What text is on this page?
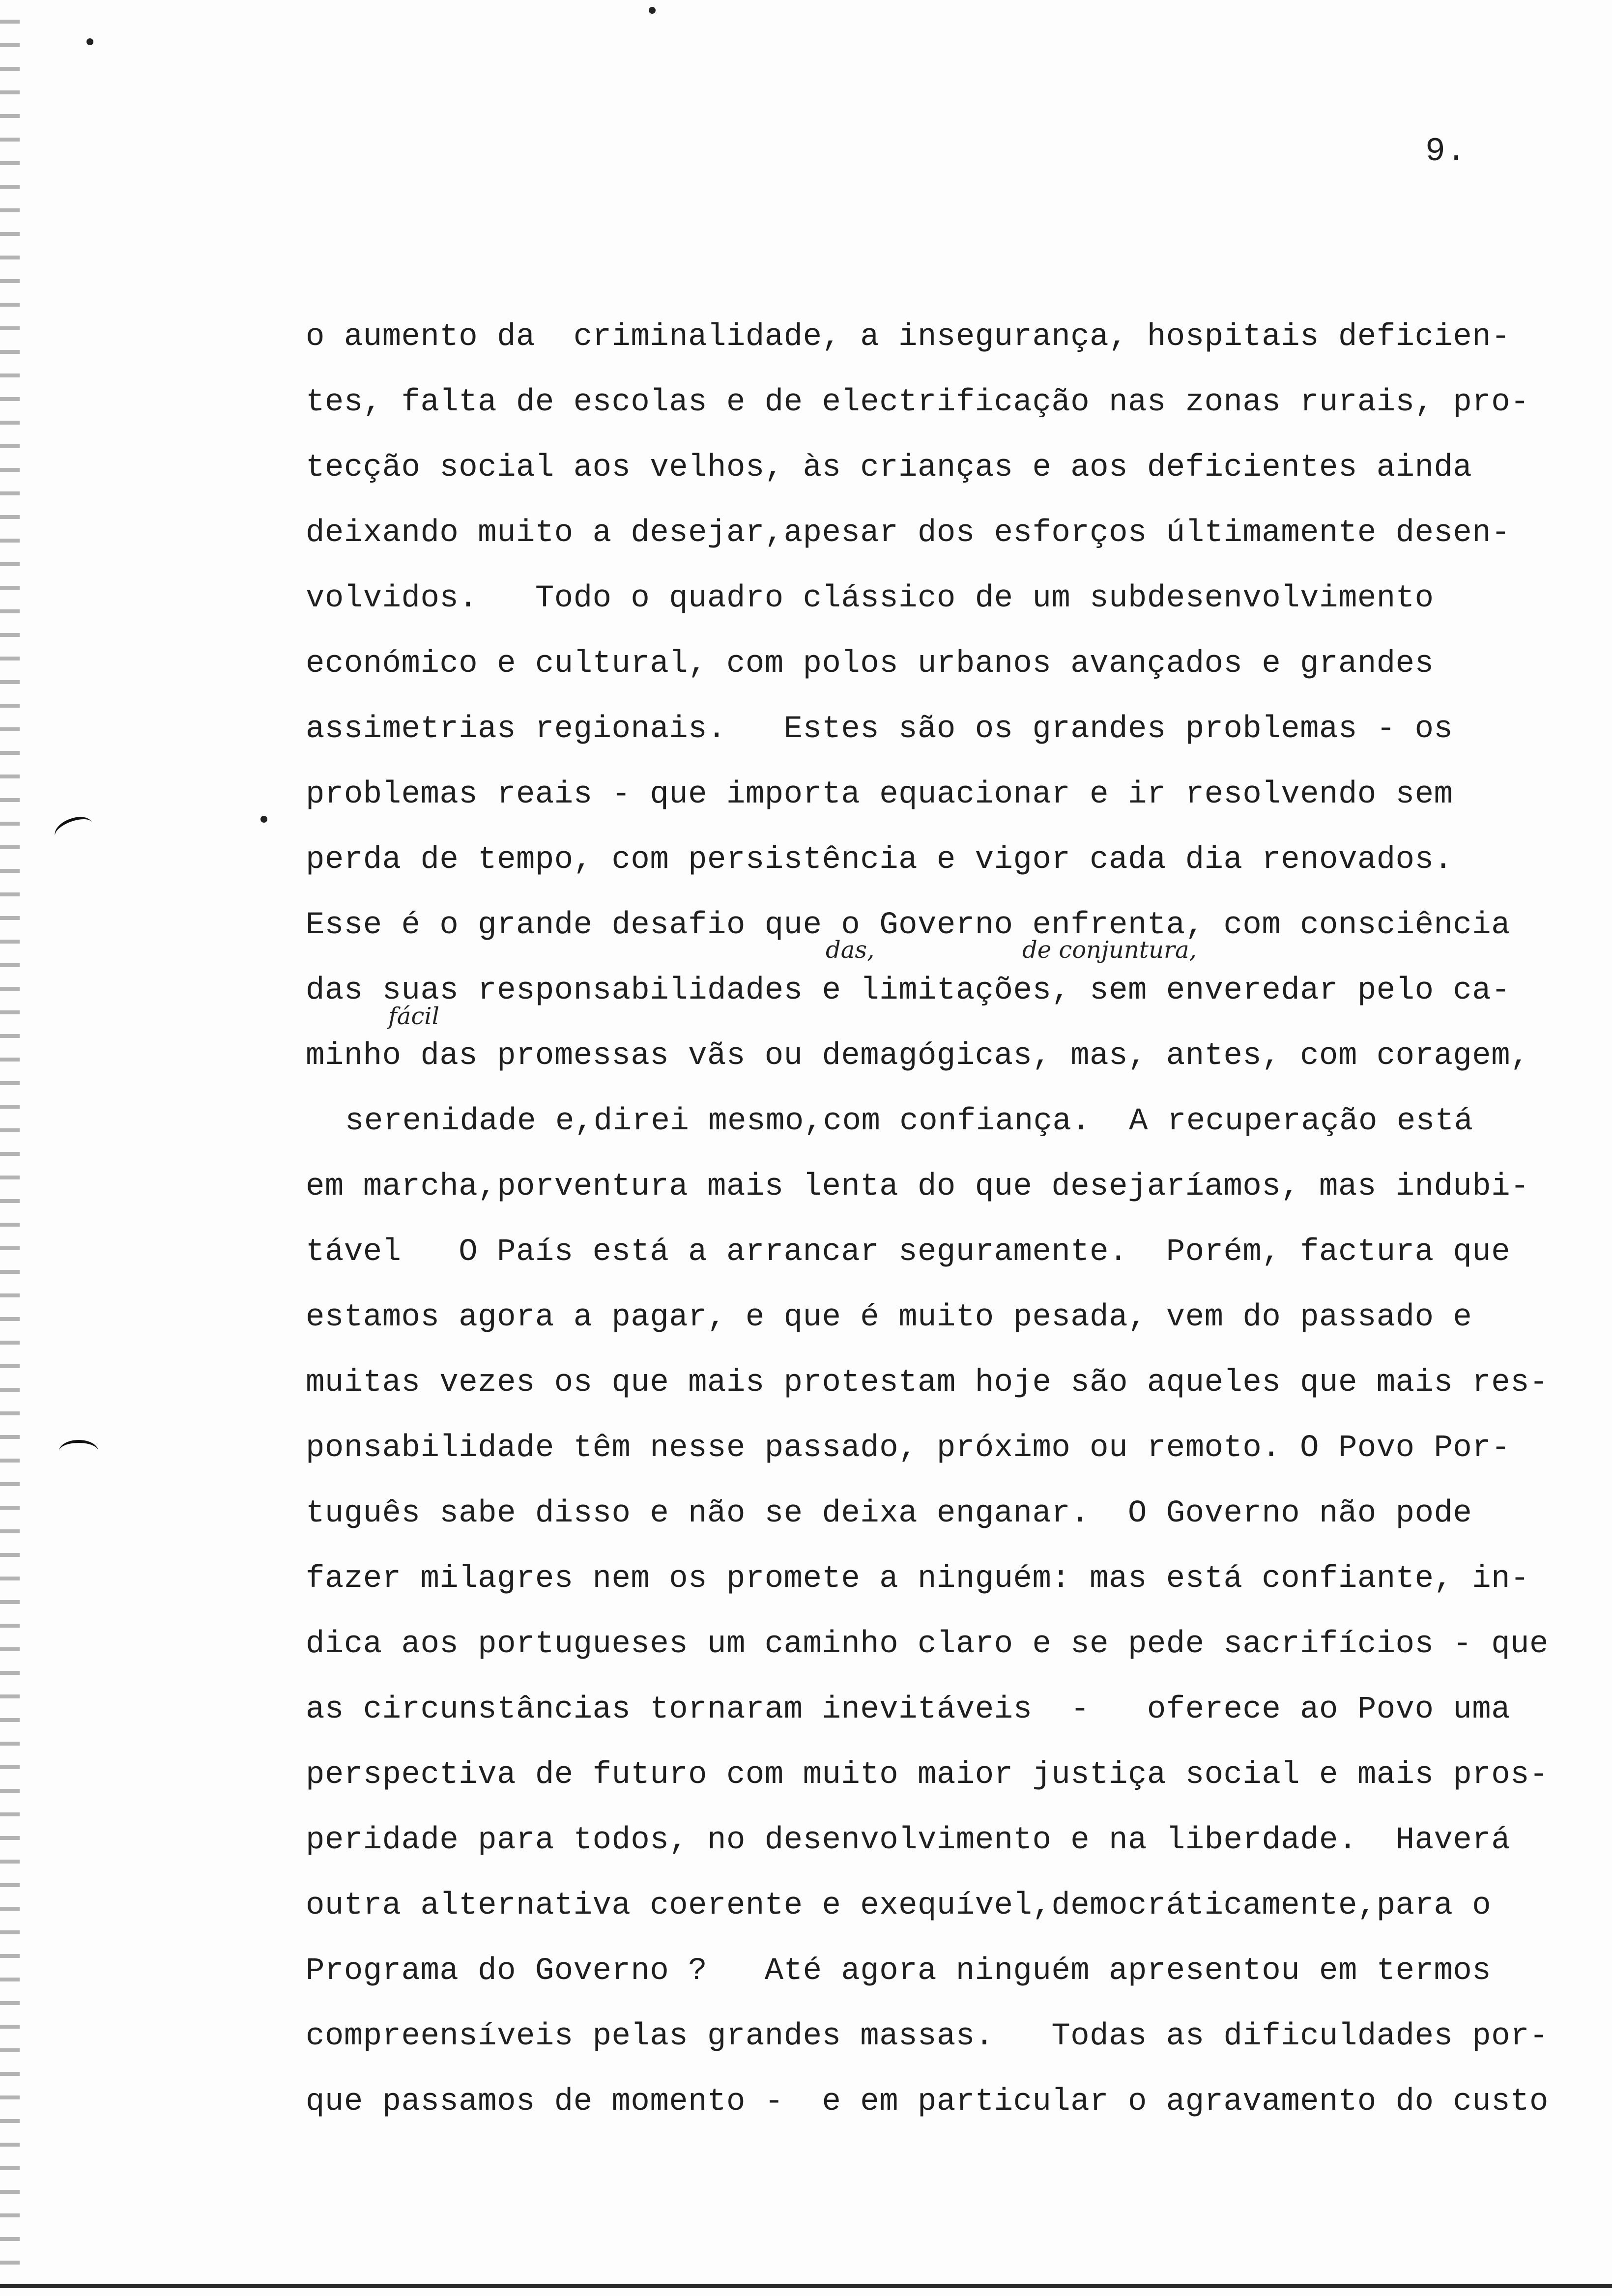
9.
o aumento da  criminalidade, a insegurança, hospitais deficien-
tes, falta de escolas e de electrificação nas zonas rurais, pro-
tecção social aos velhos, às crianças e aos deficientes ainda
deixando muito a desejar,apesar dos esforços últimamente desen-
volvidos.   Todo o quadro clássico de um subdesenvolvimento
económico e cultural, com polos urbanos avançados e grandes
assimetrias regionais.   Estes são os grandes problemas - os
problemas reais - que importa equacionar e ir resolvendo sem
perda de tempo, com persistência e vigor cada dia renovados.
Esse é o grande desafio que o Governo enfrenta, com consciência
das suas responsabilidades e limitações, sem enveredar pelo ca-
minho das promessas vãs ou demagógicas, mas, antes, com coragem,
serenidade e,direi mesmo,com confiança.  A recuperação está
em marcha,porventura mais lenta do que desejaríamos, mas indubi-
tável   O País está a arrancar seguramente.  Porém, factura que
estamos agora a pagar, e que é muito pesada, vem do passado e
muitas vezes os que mais protestam hoje são aqueles que mais res-
ponsabilidade têm nesse passado, próximo ou remoto. O Povo Por-
tuguês sabe disso e não se deixa enganar.  O Governo não pode
fazer milagres nem os promete a ninguém: mas está confiante, in-
dica aos portugueses um caminho claro e se pede sacrifícios - que
as circunstâncias tornaram inevitáveis  -   oferece ao Povo uma
perspectiva de futuro com muito maior justiça social e mais pros-
peridade para todos, no desenvolvimento e na liberdade.  Haverá
outra alternativa coerente e exequível,democráticamente,para o
Programa do Governo ?   Até agora ninguém apresentou em termos
compreensíveis pelas grandes massas.   Todas as dificuldades por-
que passamos de momento -  e em particular o agravamento do custo
das,	de conjuntura,
fácil
